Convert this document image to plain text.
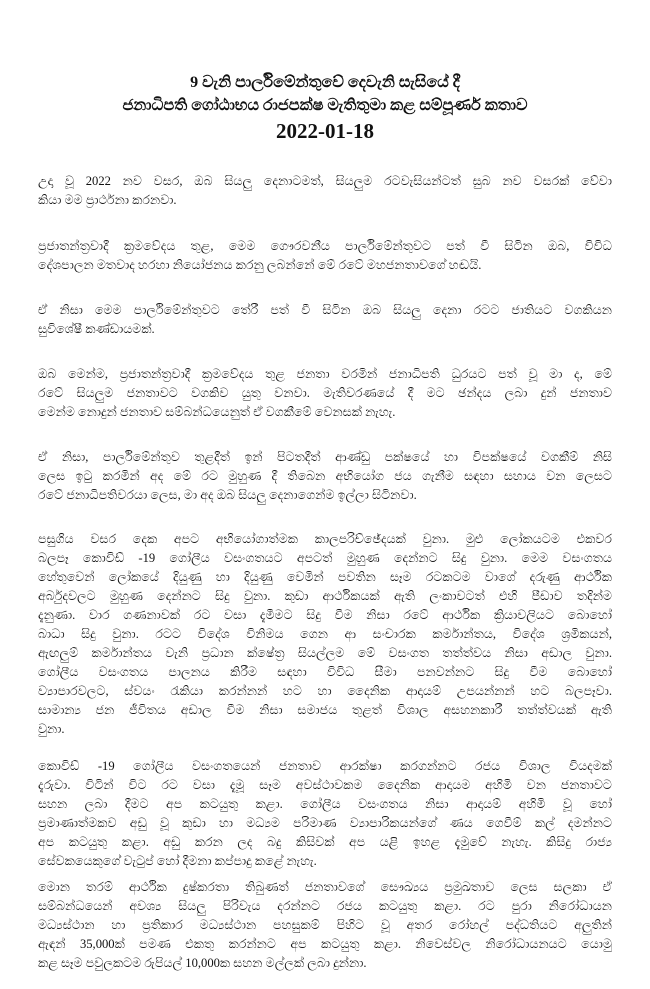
9 වැනි පාර්ලිමේන්තුවේ දෙවැනි සැසියේ දී
ජනාධිපති ගෝඨාභය රාජපක්ෂ මැතිතුමා කළ සම්පූර්ණ කතාව
2022-01-18

උදා වූ 2022 නව වසර, ඔබ සියලු දෙනාටමත්, සියලුම රටවැසියන්ටත් සුබ නව වසරක් වේවා
කියා මම ප්‍රාර්ථනා කරනවා.

ප්‍රජාතන්ත්‍රවාදී ක්‍රමවේදය තුළ, මෙම ගෞරවනීය පාර්ලිමේන්තුවට පත් වී සිටින ඔබ, විවිධ
දේශපාලන මතවාද හරහා නියෝජනය කරනු ලබන්නේ මේ රටේ මහජනතාවගේ හඬයි.

ඒ නිසා මෙම පාර්ලිමේන්තුවට තේරී පත් වී සිටින ඔබ සියලු දෙනා රටට ජාතියට වගකියන
සුවිශේෂී කණ්ඩායමක්.

ඔබ මෙන්ම, ප්‍රජාතන්ත්‍රවාදී ක්‍රමවේදය තුළ ජනතා වරමින් ජනාධිපති ධුරයට පත් වූ මා ද, මේ
රටේ සියලුම ජනතාවට වගකිව යුතු වනවා. මැතිවරණයේ දී මට ඡන්දය ලබා දුන් ජනතාව
මෙන්ම නොදුන් ජනතාව සම්බන්ධයෙනුත් ඒ වගකීමේ වෙනසක් නැහැ.

ඒ නිසා, පාර්ලිමේන්තුව තුළදීත් ඉන් පිටතදීත් ආණ්ඩු පක්ෂයේ හා විපක්ෂයේ වගකීම් නිසි
ලෙස ඉටු කරමින් අද මේ රට මුහුණ දී තිබෙන අභියෝග ජය ගැනීම සඳහා සහාය වන ලෙසට
රටේ ජනාධිපතිවරයා ලෙස, මා අද ඔබ සියලු දෙනාගෙන්ම ඉල්ලා සිටිනවා.

පසුගිය වසර දෙක අපට අභියෝගාත්මක කාලපරිච්ඡේදයක් වුනා. මුළු ලෝකයටම එකවර
බලපෑ කොවිඩ් -19 ගෝලීය වසංගතයට අපටත් මුහුණ දෙන්නට සිදු වුනා. මෙම වසංගතය
හේතුවෙන් ලෝකයේ දියුණු හා දියුණු වෙමින් පවතින සෑම රටකටම වාගේ දරුණු ආර්ථික
අර්බුදවලට මුහුණ දෙන්නට සිදු වුනා. කුඩා ආර්ථිකයක් ඇති ලංකාවටත් එහි පීඩාව තදින්ම
දැනුණා. වාර ගණනාවක් රට වසා දැමීමට සිදු වීම නිසා රටේ ආර්ථික ක්‍රියාවලියට බොහෝ
බාධා සිදු වුනා. රටට විදේශ විනිමය ගෙන ආ සංචාරක කර්මාන්තය, විදේශ ශ්‍රමිකයන්,
ඇඟලුම් කර්මාන්තය වැනි ප්‍රධාන ක්ෂේත්‍ර සියල්ලම මේ වසංගත තත්ත්වය නිසා අඩාල වුනා.
ගෝලීය වසංගතය පාලනය කිරීම සඳහා විවිධ සීමා පනවන්නට සිදු වීම බොහෝ
ව්‍යාපාරවලට, ස්වයං රැකියා කරන්නන් හට හා දෛනික ආදායම් උපයන්නන් හට බලපෑවා.
සාමාන්‍ය ජන ජීවිතය අඩාල වීම නිසා සමාජය තුළත් විශාල අසහනකාරී තත්ත්වයක් ඇති
වුනා.

කොවිඩ් -19 ගෝලීය වසංගතයෙන් ජනතාව ආරක්ෂා කරගන්නට රජය විශාල වියදමක්
දැරුවා. විටින් විට රට වසා දැමූ සෑම අවස්ථාවකම දෛනික ආදායම අහිමි වන ජනතාවට
සහන ලබා දීමට අප කටයුතු කළා. ගෝලීය වසංගතය නිසා ආදායම් අහිමි වූ හෝ
ප්‍රමාණාත්මකව අඩු වූ කුඩා හා මධ්‍යම පරිමාණ ව්‍යාපාරිකයන්ගේ ණය ගෙවීම් කල් දමන්නට
අප කටයුතු කළා. අඩු කරන ලද බදු කිසිවක් අප යළි ඉහළ දැමුවේ නැහැ. කිසිදු රාජ්‍ය
සේවකයෙකුගේ වැටුප් හෝ දීමනා කප්පාදු කළේ නැහැ.

මොන තරම් ආර්ථික දුෂ්කරතා තිබුණත් ජනතාවගේ සෞඛ්‍යය ප්‍රමුඛතාව ලෙස සලකා ඒ
සම්බන්ධයෙන් අවශ්‍ය සියලු පිරිවැය දරන්නට රජය කටයුතු කළා. රට පුරා නිරෝධායන
මධ්‍යස්ථාන හා ප්‍රතිකාර මධ්‍යස්ථාන පහසුකම් පිහිට වූ අතර රෝහල් පද්ධතියට අලුතින්
ඇඳන් 35,000ක් පමණ එකතු කරන්නට අප කටයුතු කළා. නිවෙස්වල නිරෝධායනයට යොමු
කළ සෑම පවුලකටම රුපියල් 10,000ක සහන මල්ලක් ලබා දුන්නා.
